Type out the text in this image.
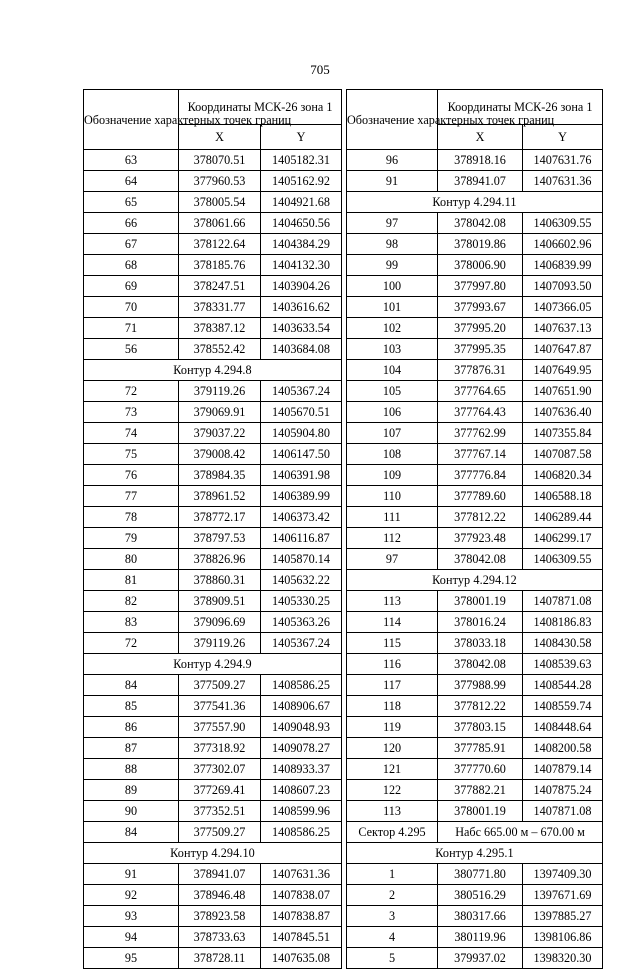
705
Обозначение характерных точек границ	Координаты МСК-26 зона 1	
	X	Y
63	378070.51	1405182.31
64	377960.53	1405162.92
65	378005.54	1404921.68
66	378061.66	1404650.56
67	378122.64	1404384.29
68	378185.76	1404132.30
69	378247.51	1403904.26
70	378331.77	1403616.62
71	378387.12	1403633.54
56	378552.42	1403684.08
Контур 4.294.8		
72	379119.26	1405367.24
73	379069.91	1405670.51
74	379037.22	1405904.80
75	379008.42	1406147.50
76	378984.35	1406391.98
77	378961.52	1406389.99
78	378772.17	1406373.42
79	378797.53	1406116.87
80	378826.96	1405870.14
81	378860.31	1405632.22
82	378909.51	1405330.25
83	379096.69	1405363.26
72	379119.26	1405367.24
Контур 4.294.9		
84	377509.27	1408586.25
85	377541.36	1408906.67
86	377557.90	1409048.93
87	377318.92	1409078.27
88	377302.07	1408933.37
89	377269.41	1408607.23
90	377352.51	1408599.96
84	377509.27	1408586.25
Контур 4.294.10		
91	378941.07	1407631.36
92	378946.48	1407838.07
93	378923.58	1407838.87
94	378733.63	1407845.51
95	378728.11	1407635.08
Обозначение характерных точек границ	Координаты МСК-26 зона 1	
	X	Y
96	378918.16	1407631.76
91	378941.07	1407631.36
Контур 4.294.11		
97	378042.08	1406309.55
98	378019.86	1406602.96
99	378006.90	1406839.99
100	377997.80	1407093.50
101	377993.67	1407366.05
102	377995.20	1407637.13
103	377995.35	1407647.87
104	377876.31	1407649.95
105	377764.65	1407651.90
106	377764.43	1407636.40
107	377762.99	1407355.84
108	377767.14	1407087.58
109	377776.84	1406820.34
110	377789.60	1406588.18
111	377812.22	1406289.44
112	377923.48	1406299.17
97	378042.08	1406309.55
Контур 4.294.12		
113	378001.19	1407871.08
114	378016.24	1408186.83
115	378033.18	1408430.58
116	378042.08	1408539.63
117	377988.99	1408544.28
118	377812.22	1408559.74
119	377803.15	1408448.64
120	377785.91	1408200.58
121	377770.60	1407879.14
122	377882.21	1407875.24
113	378001.19	1407871.08
Сектор 4.295	Набс 665.00 м – 670.00 м	
Контур 4.295.1		
1	380771.80	1397409.30
2	380516.29	1397671.69
3	380317.66	1397885.27
4	380119.96	1398106.86
5	379937.02	1398320.30
